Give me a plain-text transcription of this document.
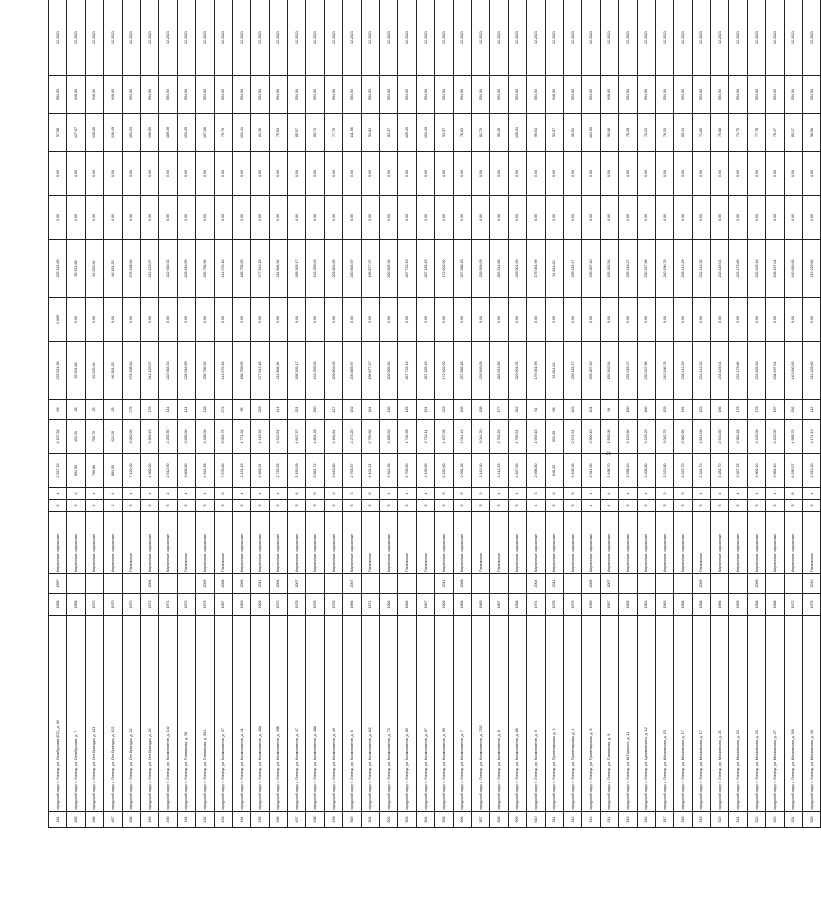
484	городской округ г. Липецк, ул. Октябрьская (ЕС), д. 30	1958	1997	Кирпичные, каркасные	6	1	2 537,30	2 197,30	69	235 521,06	1 009	235 521,06	0,00	0,00	97,08	581,00	12.2021
485	городской округ г. Липецк, ул. Октябрьская, д. 7	1958		Кирпичные, каркасные	3	2	891,50	401,20	28	55 921,68	0,00	55 921,68	0,00	0,00	127,67	948,00	12.2021
486	городской округ г. Липецк, ул. Ост Бригады, д. 113	1970		Кирпичные, каркасные	2	4	799,80	750,70	25	62 033,92	0,00	62 033,92	0,00	0,00	138,05	948,00	12.2021
487	городской округ г. Липецк, ул. Ост Бригады, д. 122	1970		Кирпичные, каркасные	2	4	883,50	422,20	25	66 181,25	0,00	66 181,25	0,00	0,00	136,49	948,00	12.2021
488	городской округ г. Липецк, ул. Ост Бригады, д. 22	1970		Панельные	5	4	7 423,00	3 083,00	275	378 498,60	0,00	378 498,60	0,00	0,00	191,03	554,00	12.2021
489	городской округ г. Липецк, ул. Ост Бригады, д. 25	1972	2004	Кирпичные, каркасные	5	4	4 068,00	3 269,45	178	342 129,07	0,00	342 129,07	0,00	0,00	196,55	554,00	12.2021
490	городской округ г. Липецк, ул. Космонавтов, д. 142	1971		Кирпичные, каркасные	5	2	2 512,00	2 253,50	111	222 918,33	0,00	222 918,33	0,00	0,00	189,39	554,00	12.2021
491	городской округ г. Липецк, ул. Плеханова, д. 58	1970		Панельные	5	4	3 806,80	3 656,00	121	228 916,59	0,00	228 916,59	0,00	0,00	193,25	554,00	12.2021
492	городской округ г. Липецк, ул. Плеханова, д. 504	1979	2003	Кирпичные, каркасные	5	4	4 534,99	3 338,00	128	256 756,93	0,00	256 756,93	0,00	0,00	107,66	554,00	12.2021
493	городской округ г. Липецк, ул. Космонавтов, д. 37	1987	2008	Панельные	9	6	7 678,80	5 063,75	272	442 076,16	0,00	442 076,16	0,00	0,00	79,70	554,00	12.2021
494	городской округ г. Липецк, ул. Космонавтов, д. 41	1969	2006	Кирпичные, каркасные	5	4	2 431,49	1 771,30	95	188 755,05	0,00	188 755,05	0,00	0,00	101,41	554,00	12.2021
495	городской округ г. Липецк, ул. Космонавтов, д. 45А	1969	2011	Кирпичные, каркасные	5	4	4 668,34	4 415,30	229	377 643,18	0,00	377 643,18	0,00	0,00	81,36	554,00	12.2021
496	городской округ г. Липецк, ул. Космонавтов, д. 45Б	1970	2004	Кирпичные, каркасные	5	4	2 725,35	2 322,81	141	211 908,36	0,00	211 908,36	0,00	0,00	75,63	554,00	12.2021
497	городской округ г. Липецк, ул. Космонавтов, д. 47	1978	2007	Кирпичные, каркасные	5	6	5 150,09	4 607,37	221	395 305,17	0,00	395 305,17	0,00	0,00	85,57	554,00	12.2021
498	городской округ г. Липецк, ул. Космонавтов, д. 48А	1978		Кирпичные, каркасные	9	6	5 584,72	4 864,28	260	433 259,03	0,00	433 259,03	0,00	0,00	89,73	554,00	12.2021
499	городской округ г. Липецк, ул. Космонавтов, д. 49	1978		Кирпичные, каркасные	5	2	3 649,80	2 460,84	127	209 803,05	0,00	209 803,05	0,00	0,00	77,76	554,00	12.2021
500	городской округ г. Липецк, ул. Космонавтов, д. 6	1966	2007	Кирпичные, каркасные	5	3	2 765,87	2 273,20	152	200 865,97	0,00	200 865,97	0,00	0,00	111,56	554,00	12.2021
501	городской округ г. Липецк, ул. Космонавтов, д. 6/2	1971		Панельные	5	6	4 404,21	2 790,60	161	196 877,37	0,00	196 877,37	0,00	0,00	94,82	581,00	12.2021
502	городской округ г. Липецк, ул. Космонавтов, д. 73	1966		Кирпичные, каркасные	5	4	3 922,36	3 385,60	136	300 505,36	0,00	300 505,36	0,00	0,00	83,37	554,00	12.2021
503	городской округ г. Липецк, ул. Космонавтов, д. 85	1966		Панельные	5	4	2 705,60	1 730,95	129	267 733,19	0,00	267 733,19	0,00	0,00	105,25	554,00	12.2021
504	городской округ г. Липецк, ул. Космонавтов, д. 87	1967		Панельные	5	4	2 499,50	2 732,11	151	287 155,45	0,00	287 155,45	0,00	0,00	102,49	554,00	12.2021
505	городской округ г. Липецк, ул. Космонавтов, д. 99	1969	2011	Кирпичные, каркасные	5	5	6 152,60	4 457,05	223	472 602,00	0,00	472 602,00	0,00	0,00	93,57	554,00	12.2021
506	городской округ г. Липецк, ул. Космонавтов, д. 7	1968	2008	Кирпичные, каркасные	5	5	2 091,38	2 044,40	165	257 688,18	0,00	257 688,18	0,00	0,00	78,63	554,00	12.2021
507	городской округ г. Липецк, ул. Космонавтов, д. 7/02	1969		Панельные	5	3	3 143,30	3 044,20	208	239 509,09	0,00	239 509,09	0,00	0,00	82,70	554,00	12.2021
508	городской округ г. Липецк, ул. Космонавтов, д. 8	1967		Панельные	5	4	3 412,15	2 762,20	177	283 514,85	0,00	283 514,85	0,00	0,00	90,15	554,00	12.2021
509	городской округ г. Липецк, ул. Космонавтов, д. 86	1968		Кирпичные, каркасные	5	4	4 837,60	4 750,51	262	329 001,05	0,00	329 001,05	0,00	0,00	105,61	554,00	12.2021
510	городской округ г. Липецк, ул. Космонавтов, д. 9	1974	2004	Кирпичные, каркасные	4	3	2 098,80	1 939,10	61	175 081,99	0,00	175 081,99	0,00	0,00	99,63	554,00	12.2021
511	городской округ г. Липецк, ул. Пролетарская, д. 3	1978	2011	Кирпичные, каркасные	5	2	648,20	601,39	68	34 841,62	0,00	34 841,62	0,00	0,00	93,57	948,00	12.2021
512	городской округ г. Липецк, ул. Пролетарская, д. 4	1976		Кирпичные, каркасные	5	5	3 408,36	2 974,51	163	299 115,47	0,00	299 115,47	0,00	0,00	90,52	554,00	12.2021
513	городской округ г. Липецк, ул. Пролетарская, д. 8	1959	2005	Кирпичные, каркасные	4	4	2 944,00	2 500,40	101	299 287,20	0,00	299 287,20	0,00	0,00	104,05	554,00	12.2021
514	городской округ г. Липецк, ул. Плеханова, д. 9	1957	2007	Кирпичные, каркасные	4	4	2 498,70	1 951,08	94	193 302,54	0,00	193 302,54	0,00	0,00	90,08	948,00	12.2021
515	городской округ г. Липецк, ул. М.Горького, д. 11	1965		Кирпичные, каркасные	5	4	3 398,40	3 129,90	150	235 218,27	0,00	235 218,27	0,00	0,00	78,28	554,00	12.2021
516	городской округ г. Липецк, ул. Циолковского, д. 12	1963		Кирпичные, каркасные	5	4	3 208,80	3 229,20	160	230 337,98	0,00	230 337,98	0,00	0,00	76,23	554,00	12.2021
517	городской округ г. Липецк, ул. Московская, д. 15	1963		Кирпичные, каркасные	5	3	3 323,80	3 040,70	153	240 196,78	0,00	240 196,78	0,00	0,00	76,33	554,00	12.2021
518	городской округ г. Липецк, ул. Московская, д. 17	1968		Кирпичные, каркасные	5	5	3 333,70	2 982,90	194	238 412,29	0,00	238 412,29	0,00	0,00	85,43	554,00	12.2021
519	городской округ г. Липецк, ул. Московская, д. 17	1968	2005	Панельные	5	4	3 334,70	2 843,00	153	232 442,33	0,00	232 442,33	0,00	0,00	71,80	554,00	12.2021
520	городской округ г. Липецк, ул. Московская, д. 21	1966		Кирпичные, каркасные	5	4	3 281,70	2 543,60	156	233 119,01	0,00	233 119,01	0,00	0,00	75,88	554,00	12.2021
521	городской округ г. Липецк, ул. Московская, д. 23	1965		Кирпичные, каркасные	5	4	3 367,35	2 982,28	178	233 179,66	0,00	233 179,66	0,00	0,00	73,75	554,00	12.2021
522	городской округ г. Липецк, ул. Московская, д. 25	1968	2006	Кирпичные, каркасные	5	4	3 906,10	3 225,00	178	233 465,48	0,00	233 465,48	0,00	0,00	77,78	554,00	12.2021
523	городской округ г. Липецк, ул. Московская, д. 27	1968		Кирпичные, каркасные	5	4	3 966,10	3 225,00	197	238 497,61	0,00	238 497,61	0,00	0,00	78,47	554,00	12.2021
524	городской округ г. Липецк, ул. Московская, д. 5/6	1972		Кирпичные, каркасные	5	8	6 290,57	4 958,70	292	440 000,00	0,00	440 000,00	0,00	0,00	85,17	554,00	12.2021
525	городской округ г. Липецк, ул. Московская, д. 49	1975	2010	Панельные	5	4	2 943,20	2 474,13	112	213 229,60	0,00	213 229,60	0,00	0,00	98,96	554,00	12.2021
26
